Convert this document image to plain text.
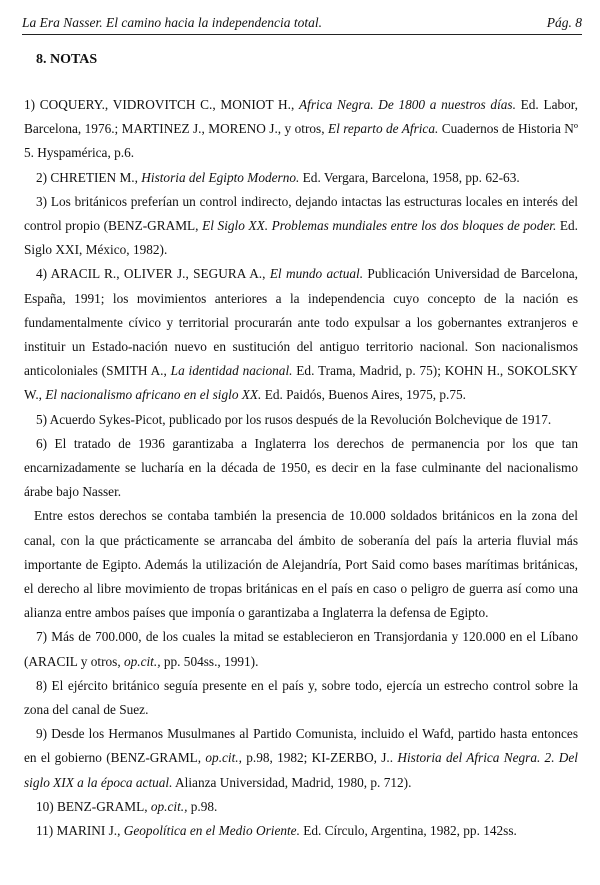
La Era Nasser. El camino hacia la independencia total.	Pág. 8
8. NOTAS

1) COQUERY., VIDROVITCH C., MONIOT H., Africa Negra. De 1800 a nuestros días. Ed. Labor, Barcelona, 1976.; MARTINEZ J., MORENO J., y otros, El reparto de Africa. Cuadernos de Historia Nº 5. Hyspamérica, p.6.

2) CHRETIEN M., Historia del Egipto Moderno. Ed. Vergara, Barcelona, 1958, pp. 62-63.

3) Los británicos preferían un control indirecto, dejando intactas las estructuras locales en interés del control propio (BENZ-GRAML, El Siglo XX. Problemas mundiales entre los dos bloques de poder. Ed. Siglo XXI, México, 1982).

4) ARACIL R., OLIVER J., SEGURA A., El mundo actual. Publicación Universidad de Barcelona, España, 1991; los movimientos anteriores a la independencia cuyo concepto de la nación es fundamentalmente cívico y territorial procurarán ante todo expulsar a los gobernantes extranjeros e instituir un Estado-nación nuevo en sustitución del antiguo territorio nacional. Son nacionalismos anticoloniales (SMITH A., La identidad nacional. Ed. Trama, Madrid, p. 75); KOHN H., SOKOLSKY W., El nacionalismo africano en el siglo XX. Ed. Paidós, Buenos Aires, 1975, p.75.

5) Acuerdo Sykes-Picot, publicado por los rusos después de la Revolución Bolchevique de 1917.

6) El tratado de 1936 garantizaba a Inglaterra los derechos de permanencia por los que tan encarnizadamente se lucharía en la década de 1950, es decir en la fase culminante del nacionalismo árabe bajo Nasser.

Entre estos derechos se contaba también la presencia de 10.000 soldados británicos en la zona del canal, con la que prácticamente se arrancaba del ámbito de soberanía del país la arteria fluvial más importante de Egipto. Además la utilización de Alejandría, Port Said como bases marítimas británicas, el derecho al libre movimiento de tropas británicas en el país en caso o peligro de guerra así como una alianza entre ambos países que imponía o garantizaba a Inglaterra la defensa de Egipto.

7) Más de 700.000, de los cuales la mitad se establecieron en Transjordania y 120.000 en el Líbano (ARACIL y otros, op.cit., pp. 504ss., 1991).

8) El ejército británico seguía presente en el país y, sobre todo, ejercía un estrecho control sobre la zona del canal de Suez.

9) Desde los Hermanos Musulmanes al Partido Comunista, incluido el Wafd, partido hasta entonces en el gobierno (BENZ-GRAML, op.cit., p.98, 1982; KI-ZERBO, J.. Historia del Africa Negra. 2. Del siglo XIX a la época actual. Alianza Universidad, Madrid, 1980, p. 712).

10) BENZ-GRAML, op.cit., p.98.

11) MARINI J., Geopolítica en el Medio Oriente. Ed. Círculo, Argentina, 1982, pp. 142ss.
